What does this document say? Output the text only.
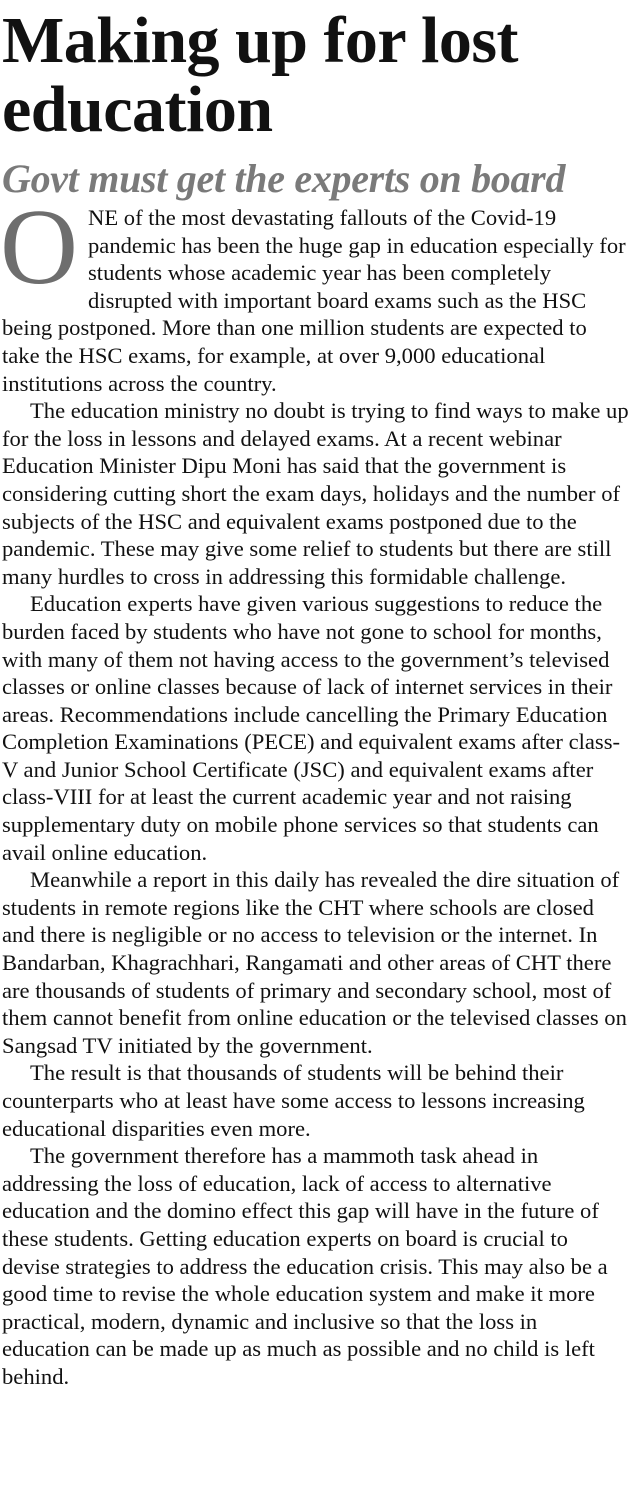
Making up for lost education
Govt must get the experts on board

ONE of the most devastating fallouts of the Covid-19 pandemic has been the huge gap in education especially for students whose academic year has been completely disrupted with important board exams such as the HSC being postponed. More than one million students are expected to take the HSC exams, for example, at over 9,000 educational institutions across the country.

The education ministry no doubt is trying to find ways to make up for the loss in lessons and delayed exams. At a recent webinar Education Minister Dipu Moni has said that the government is considering cutting short the exam days, holidays and the number of subjects of the HSC and equivalent exams postponed due to the pandemic. These may give some relief to students but there are still many hurdles to cross in addressing this formidable challenge.

Education experts have given various suggestions to reduce the burden faced by students who have not gone to school for months, with many of them not having access to the government’s televised classes or online classes because of lack of internet services in their areas. Recommendations include cancelling the Primary Education Completion Examinations (PECE) and equivalent exams after class-V and Junior School Certificate (JSC) and equivalent exams after class-VIII for at least the current academic year and not raising supplementary duty on mobile phone services so that students can avail online education.

Meanwhile a report in this daily has revealed the dire situation of students in remote regions like the CHT where schools are closed and there is negligible or no access to television or the internet. In Bandarban, Khagrachhari, Rangamati and other areas of CHT there are thousands of students of primary and secondary school, most of them cannot benefit from online education or the televised classes on Sangsad TV initiated by the government.

The result is that thousands of students will be behind their counterparts who at least have some access to lessons increasing educational disparities even more.

The government therefore has a mammoth task ahead in addressing the loss of education, lack of access to alternative education and the domino effect this gap will have in the future of these students. Getting education experts on board is crucial to devise strategies to address the education crisis. This may also be a good time to revise the whole education system and make it more practical, modern, dynamic and inclusive so that the loss in education can be made up as much as possible and no child is left behind.
